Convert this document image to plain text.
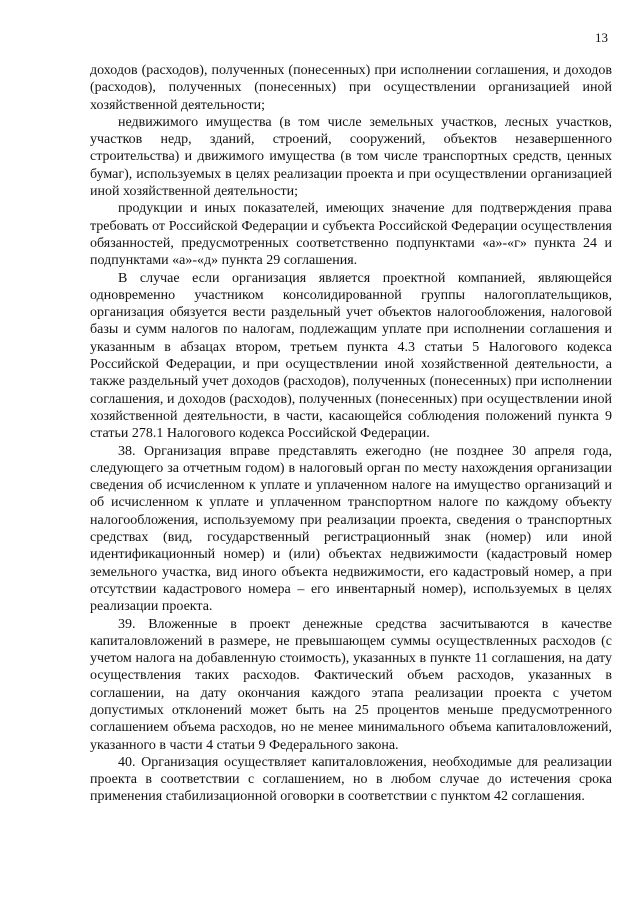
13

доходов (расходов), полученных (понесенных) при исполнении соглашения, и доходов (расходов), полученных (понесенных) при осуществлении организацией иной хозяйственной деятельности;

недвижимого имущества (в том числе земельных участков, лесных участков, участков недр, зданий, строений, сооружений, объектов незавершенного строительства) и движимого имущества (в том числе транспортных средств, ценных бумаг), используемых в целях реализации проекта и при осуществлении организацией иной хозяйственной деятельности;

продукции и иных показателей, имеющих значение для подтверждения права требовать от Российской Федерации и субъекта Российской Федерации осуществления обязанностей, предусмотренных соответственно подпунктами «а»-«г» пункта 24 и подпунктами «а»-«д» пункта 29 соглашения.

В случае если организация является проектной компанией, являющейся одновременно участником консолидированной группы налогоплательщиков, организация обязуется вести раздельный учет объектов налогообложения, налоговой базы и сумм налогов по налогам, подлежащим уплате при исполнении соглашения и указанным в абзацах втором, третьем пункта 4.3 статьи 5 Налогового кодекса Российской Федерации, и при осуществлении иной хозяйственной деятельности, а также раздельный учет доходов (расходов), полученных (понесенных) при исполнении соглашения, и доходов (расходов), полученных (понесенных) при осуществлении иной хозяйственной деятельности, в части, касающейся соблюдения положений пункта 9 статьи 278.1 Налогового кодекса Российской Федерации.

38. Организация вправе представлять ежегодно (не позднее 30 апреля года, следующего за отчетным годом) в налоговый орган по месту нахождения организации сведения об исчисленном к уплате и уплаченном налоге на имущество организаций и об исчисленном к уплате и уплаченном транспортном налоге по каждому объекту налогообложения, используемому при реализации проекта, сведения о транспортных средствах (вид, государственный регистрационный знак (номер) или иной идентификационный номер) и (или) объектах недвижимости (кадастровый номер земельного участка, вид иного объекта недвижимости, его кадастровый номер, а при отсутствии кадастрового номера – его инвентарный номер), используемых в целях реализации проекта.

39. Вложенные в проект денежные средства засчитываются в качестве капиталовложений в размере, не превышающем суммы осуществленных расходов (с учетом налога на добавленную стоимость), указанных в пункте 11 соглашения, на дату осуществления таких расходов. Фактический объем расходов, указанных в соглашении, на дату окончания каждого этапа реализации проекта с учетом допустимых отклонений может быть на 25 процентов меньше предусмотренного соглашением объема расходов, но не менее минимального объема капиталовложений, указанного в части 4 статьи 9 Федерального закона.

40. Организация осуществляет капиталовложения, необходимые для реализации проекта в соответствии с соглашением, но в любом случае до истечения срока применения стабилизационной оговорки в соответствии с пунктом 42 соглашения.
